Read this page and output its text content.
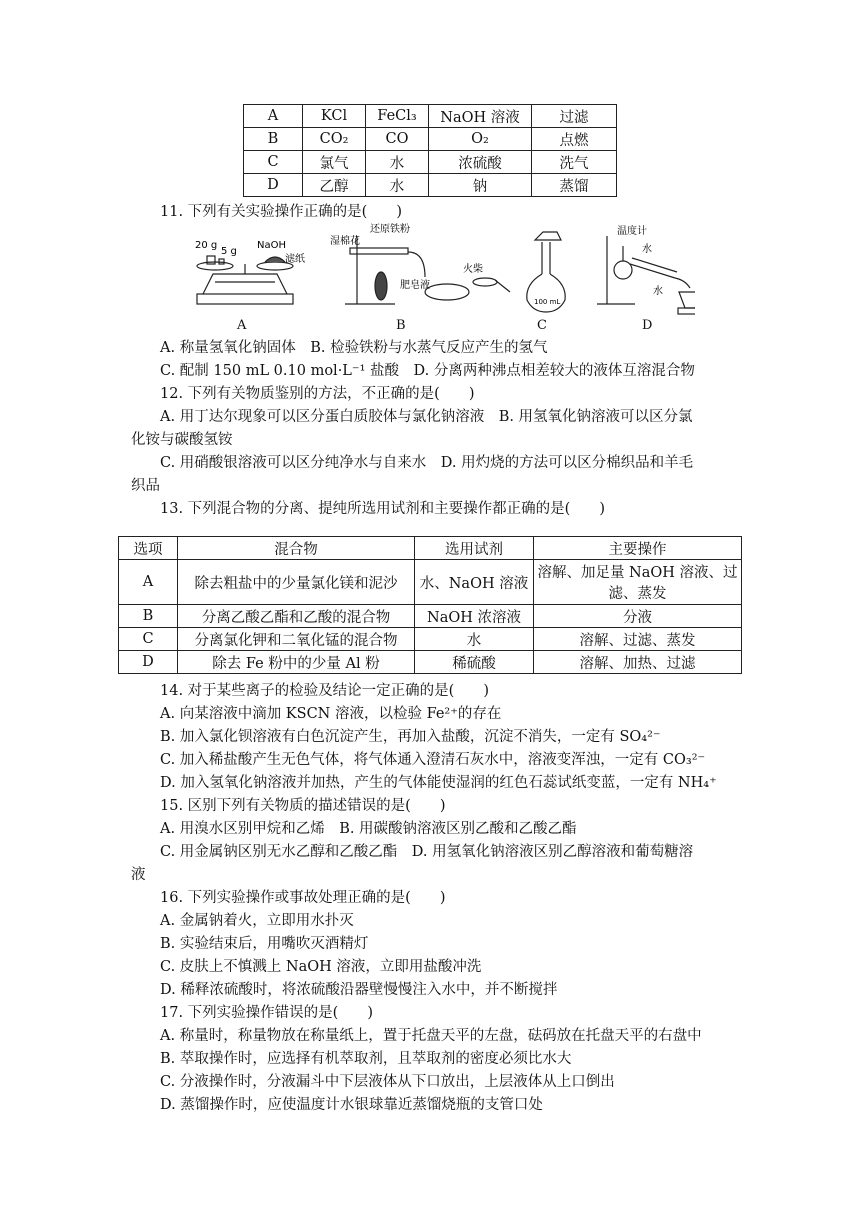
A	KCl	FeCl₃	NaOH 溶液	过滤
B	CO₂	CO	O₂	点燃
C	氯气	水	浓硫酸	洗气
D	乙醇	水	钠	蒸馏
11. 下列有关实验操作正确的是(　　)
20 g
5 g
NaOH
滤纸
还原铁粉
湿棉花
肥皂液
火柴
100 mL
温度计
水
水
A	B	C	D
A. 称量氢氧化钠固体　B. 检验铁粉与水蒸气反应产生的氢气
C. 配制 150 mL 0.10 mol·L⁻¹ 盐酸　D. 分离两种沸点相差较大的液体互溶混合物
12. 下列有关物质鉴别的方法，不正确的是(　　)
A. 用丁达尔现象可以区分蛋白质胶体与氯化钠溶液　B. 用氢氧化钠溶液可以区分氯
化铵与碳酸氢铵
C. 用硝酸银溶液可以区分纯净水与自来水　D. 用灼烧的方法可以区分棉织品和羊毛
织品
13. 下列混合物的分离、提纯所选用试剂和主要操作都正确的是(　　)
选项	混合物	选用试剂	主要操作
A	除去粗盐中的少量氯化镁和泥沙	水、NaOH 溶液	溶解、加足量 NaOH 溶液、过
滤、蒸发

B	分离乙酸乙酯和乙酸的混合物	NaOH 浓溶液	分液
C	分离氯化钾和二氧化锰的混合物	水	溶解、过滤、蒸发
D	除去 Fe 粉中的少量 Al 粉	稀硫酸	溶解、加热、过滤
14. 对于某些离子的检验及结论一定正确的是(　　)
A. 向某溶液中滴加 KSCN 溶液，以检验 Fe²⁺的存在
B. 加入氯化钡溶液有白色沉淀产生，再加入盐酸，沉淀不消失，一定有 SO₄²⁻
C. 加入稀盐酸产生无色气体，将气体通入澄清石灰水中，溶液变浑浊，一定有 CO₃²⁻
D. 加入氢氧化钠溶液并加热，产生的气体能使湿润的红色石蕊试纸变蓝，一定有 NH₄⁺
15. 区别下列有关物质的描述错误的是(　　)
A. 用溴水区别甲烷和乙烯　B. 用碳酸钠溶液区别乙酸和乙酸乙酯
C. 用金属钠区别无水乙醇和乙酸乙酯　D. 用氢氧化钠溶液区别乙醇溶液和葡萄糖溶
液
16. 下列实验操作或事故处理正确的是(　　)
A. 金属钠着火，立即用水扑灭
B. 实验结束后，用嘴吹灭酒精灯
C. 皮肤上不慎溅上 NaOH 溶液，立即用盐酸冲洗
D. 稀释浓硫酸时，将浓硫酸沿器壁慢慢注入水中，并不断搅拌
17. 下列实验操作错误的是(　　)
A. 称量时，称量物放在称量纸上，置于托盘天平的左盘，砝码放在托盘天平的右盘中
B. 萃取操作时，应选择有机萃取剂，且萃取剂的密度必须比水大
C. 分液操作时，分液漏斗中下层液体从下口放出，上层液体从上口倒出
D. 蒸馏操作时，应使温度计水银球靠近蒸馏烧瓶的支管口处
